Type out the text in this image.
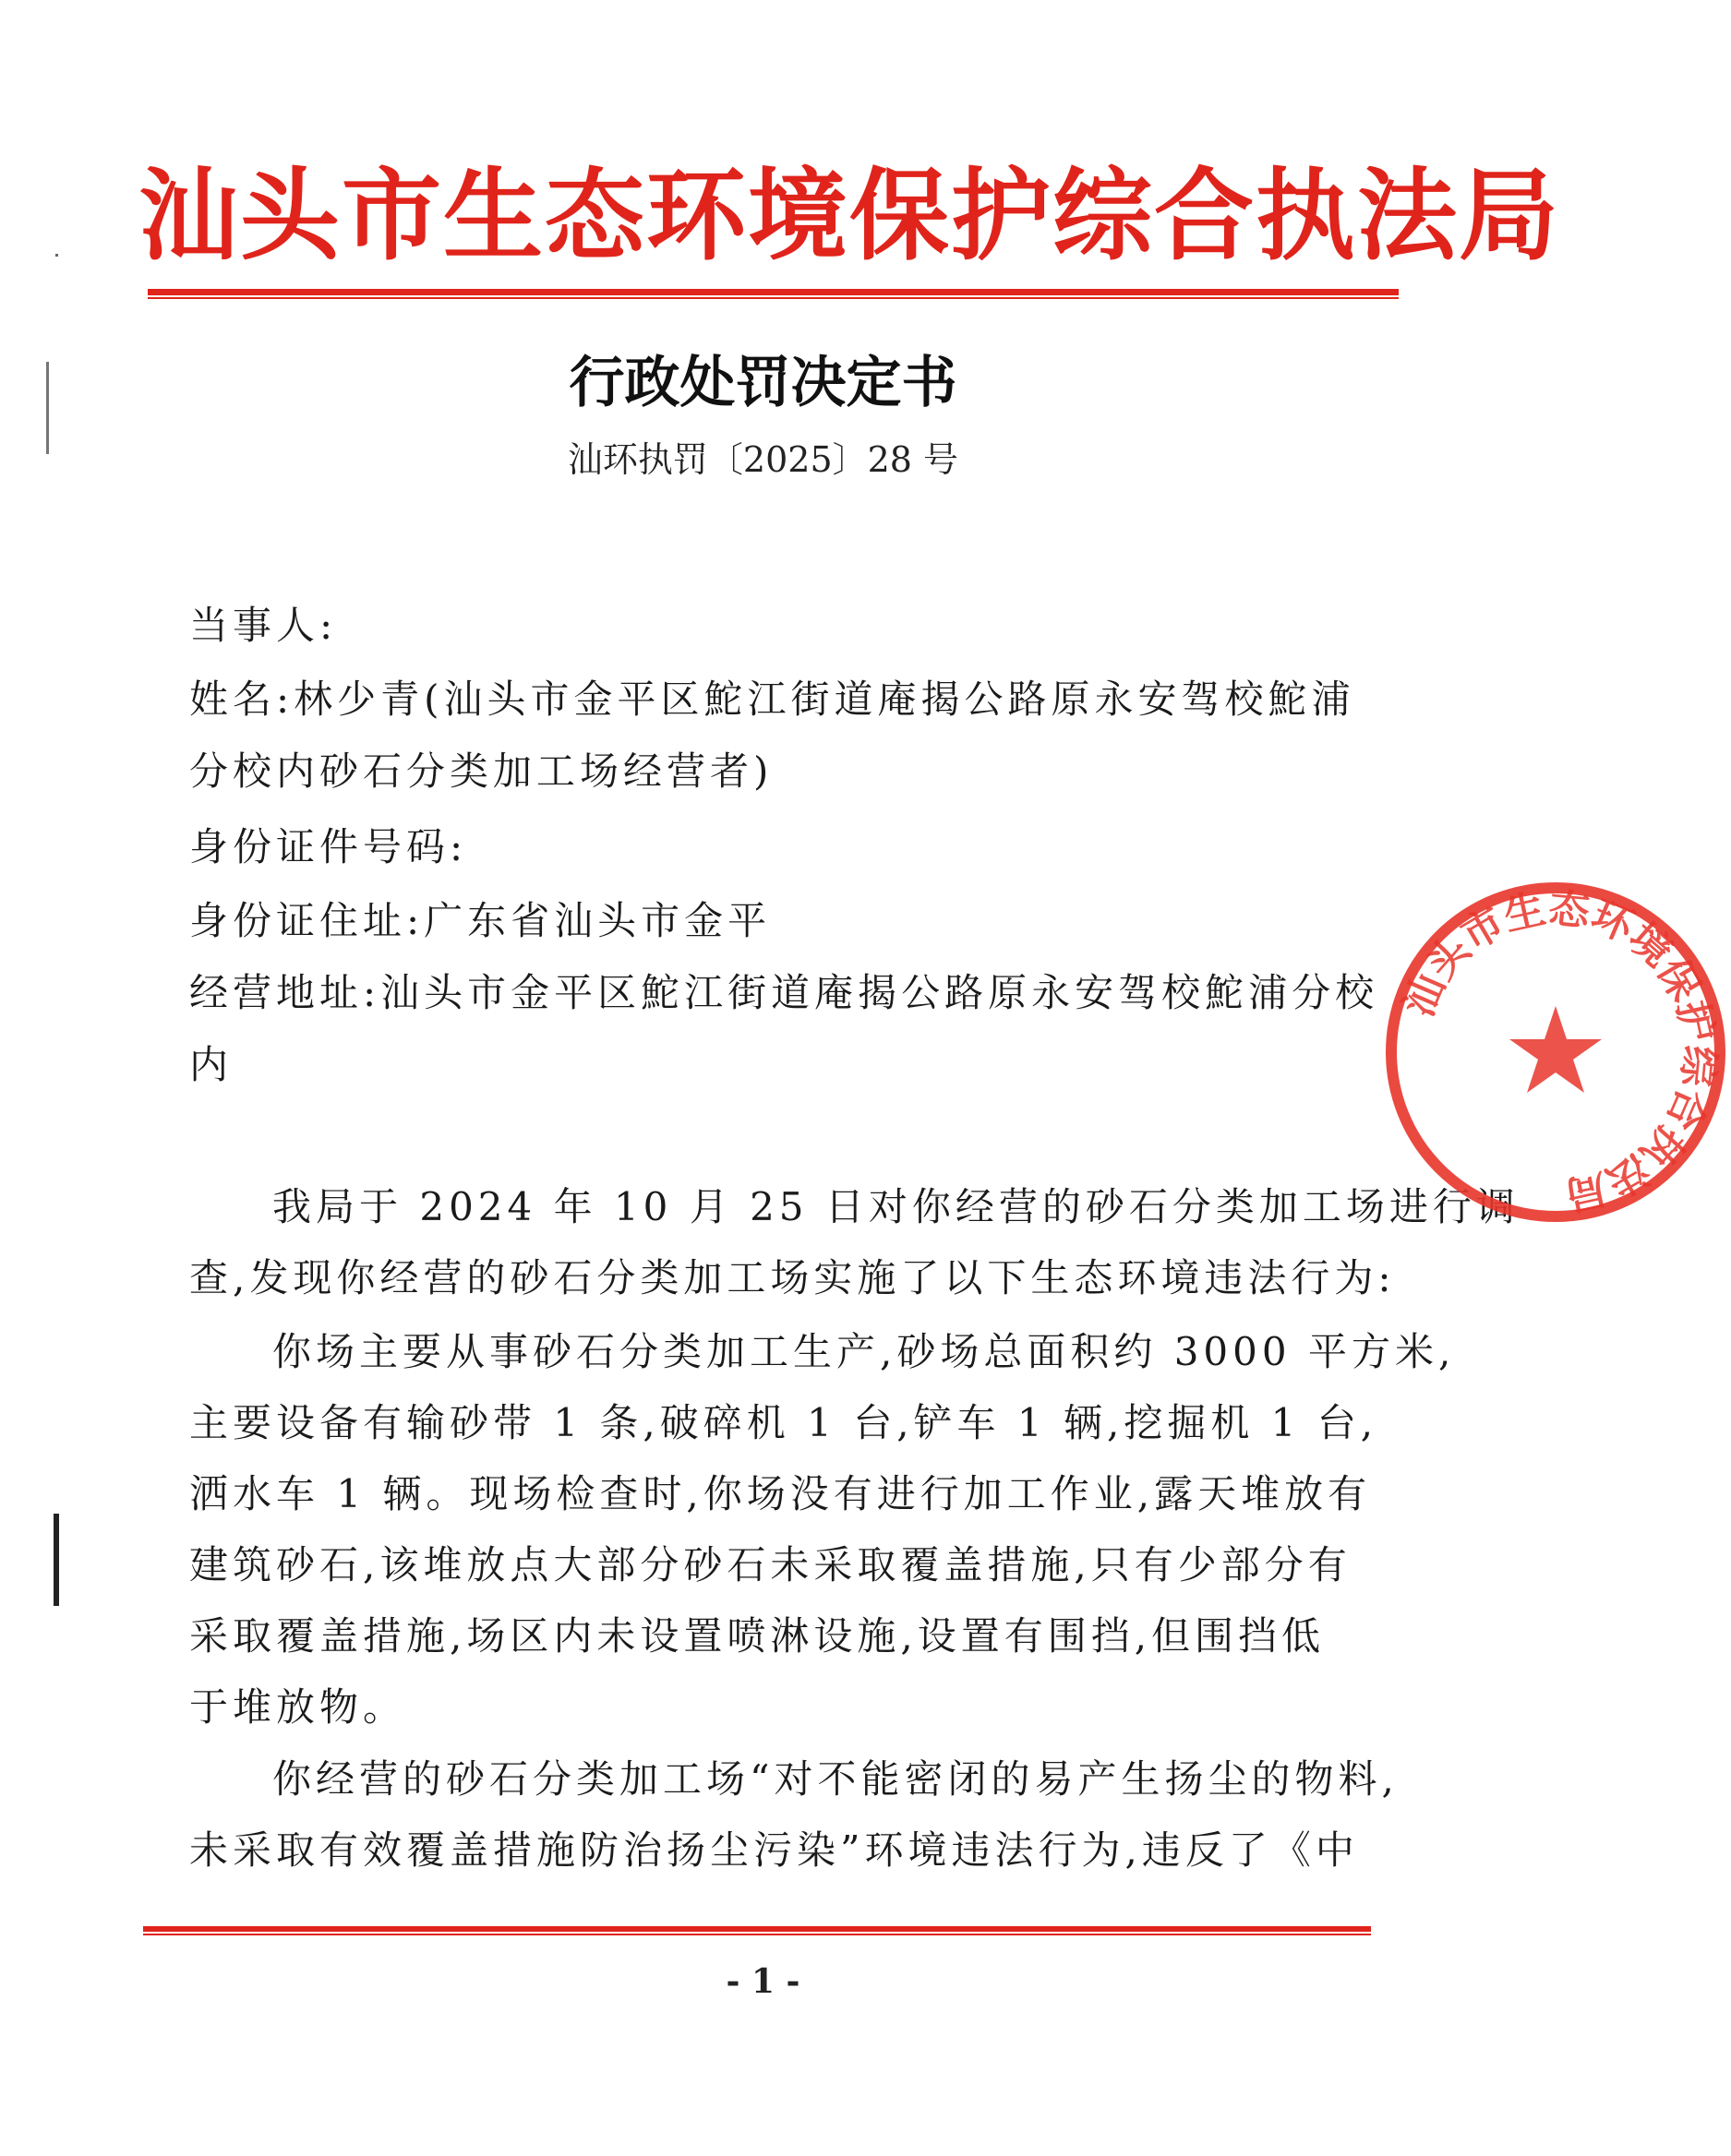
汕头市生态环境保护综合执法局
行政处罚决定书
汕环执罚〔2025〕28 号
当事人:
姓名:林少青(汕头市金平区鮀江街道庵揭公路原永安驾校鮀浦
分校内砂石分类加工场经营者)
身份证件号码:
身份证住址:广东省汕头市金平
经营地址:汕头市金平区鮀江街道庵揭公路原永安驾校鮀浦分校
内
我局于 2024 年 10 月 25 日对你经营的砂石分类加工场进行调
查,发现你经营的砂石分类加工场实施了以下生态环境违法行为:
你场主要从事砂石分类加工生产,砂场总面积约 3000 平方米,
主要设备有输砂带 1 条,破碎机 1 台,铲车 1 辆,挖掘机 1 台,
洒水车 1 辆。现场检查时,你场没有进行加工作业,露天堆放有
建筑砂石,该堆放点大部分砂石未采取覆盖措施,只有少部分有
采取覆盖措施,场区内未设置喷淋设施,设置有围挡,但围挡低
于堆放物。
你经营的砂石分类加工场“对不能密闭的易产生扬尘的物料,
未采取有效覆盖措施防治扬尘污染”环境违法行为,违反了《中
- 1 -
汕头市生态环境保护综合执法局
